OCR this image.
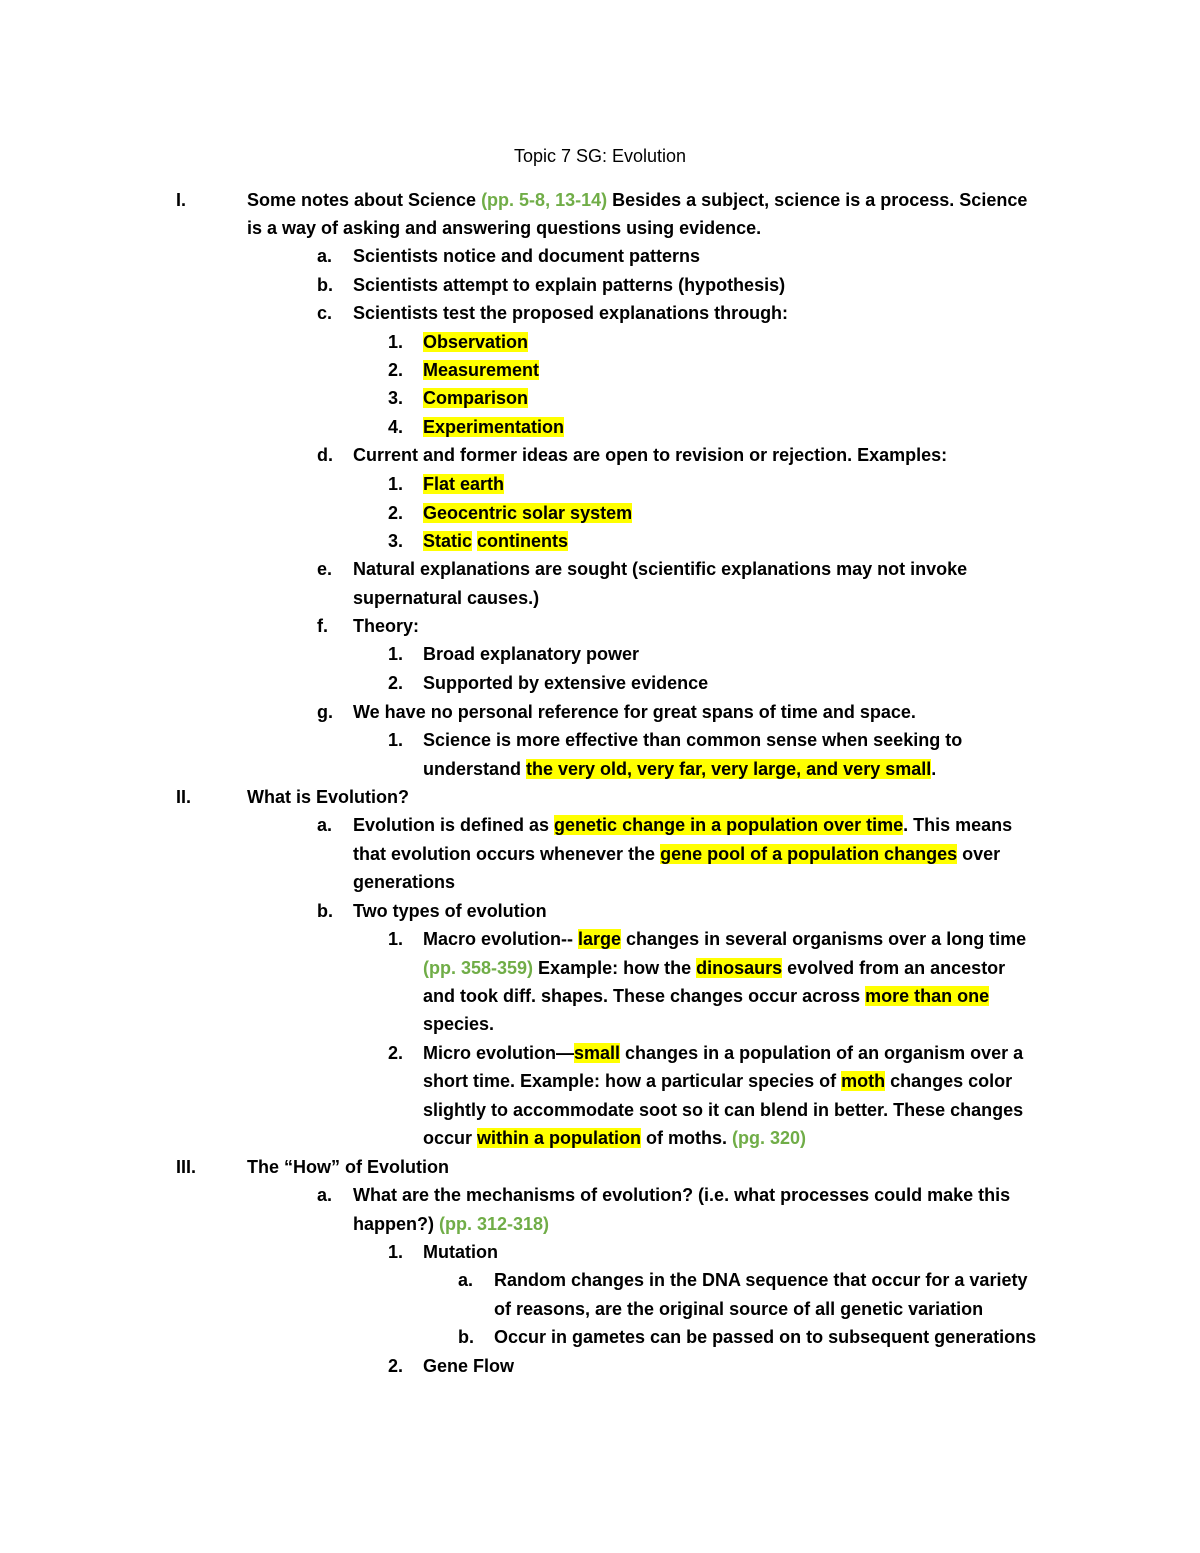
Topic 7 SG: Evolution
I.	Some notes about Science (pp. 5-8, 13-14) Besides a subject, science is a process. Science
is a way of asking and answering questions using evidence.
a. Scientists notice and document patterns
b. Scientists attempt to explain patterns (hypothesis)
c. Scientists test the proposed explanations through:
1. Observation
2. Measurement
3. Comparison
4. Experimentation
d. Current and former ideas are open to revision or rejection. Examples:
1. Flat earth
2. Geocentric solar system
3. Static continents
e. Natural explanations are sought (scientific explanations may not invoke
supernatural causes.)
f. Theory:
1. Broad explanatory power
2. Supported by extensive evidence
g. We have no personal reference for great spans of time and space.
1. Science is more effective than common sense when seeking to
understand the very old, very far, very large, and very small.
II.	What is Evolution?
a. Evolution is defined as genetic change in a population over time. This means
that evolution occurs whenever the gene pool of a population changes over
generations
b. Two types of evolution
1. Macro evolution-- large changes in several organisms over a long time
(pp. 358-359) Example: how the dinosaurs evolved from an ancestor
and took diff. shapes. These changes occur across more than one
species.
2. Micro evolution—small changes in a population of an organism over a
short time. Example: how a particular species of moth changes color
slightly to accommodate soot so it can blend in better. These changes
occur within a population of moths. (pg. 320)
III.	The “How” of Evolution
a. What are the mechanisms of evolution? (i.e. what processes could make this
happen?) (pp. 312-318)
1. Mutation
a. Random changes in the DNA sequence that occur for a variety
of reasons, are the original source of all genetic variation
b. Occur in gametes can be passed on to subsequent generations
2. Gene Flow
